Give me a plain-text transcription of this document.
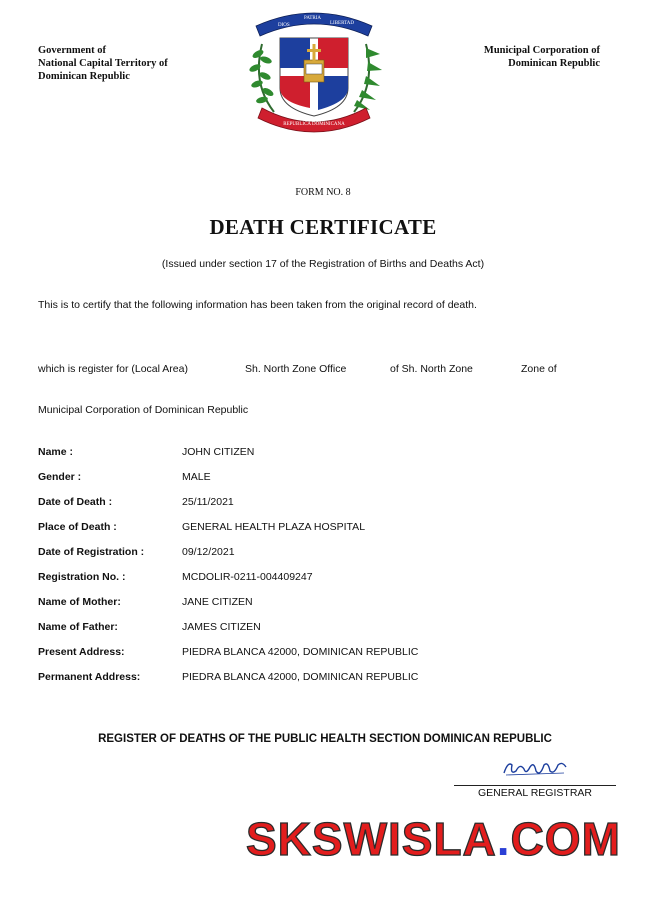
Government of
National Capital Territory of
Dominican Republic
DIOS
PATRIA
LIBERTAD
REPUBLICA DOMINICANA
Municipal Corporation of
Dominican Republic
FORM NO. 8
DEATH CERTIFICATE
(Issued under section 17 of the Registration of Births and Deaths Act)
This is to certify that the following information has been taken from the original record of death.
which is register for (Local Area)	Sh. North Zone Office	of Sh. North Zone	Zone of
Municipal Corporation of Dominican Republic
Name :	JOHN CITIZEN
Gender :	MALE
Date of Death :	25/11/2021
Place of Death :	GENERAL HEALTH PLAZA HOSPITAL
Date of Registration :	09/12/2021
Registration No. :	MCDOLIR-0211-004409247
Name of Mother:	JANE CITIZEN
Name of Father:	JAMES CITIZEN
Present Address:	PIEDRA BLANCA 42000, DOMINICAN REPUBLIC
Permanent Address:	PIEDRA BLANCA 42000, DOMINICAN REPUBLIC
REGISTER OF DEATHS OF THE PUBLIC HEALTH SECTION DOMINICAN REPUBLIC
GENERAL REGISTRAR
SKSWISLA.COM
